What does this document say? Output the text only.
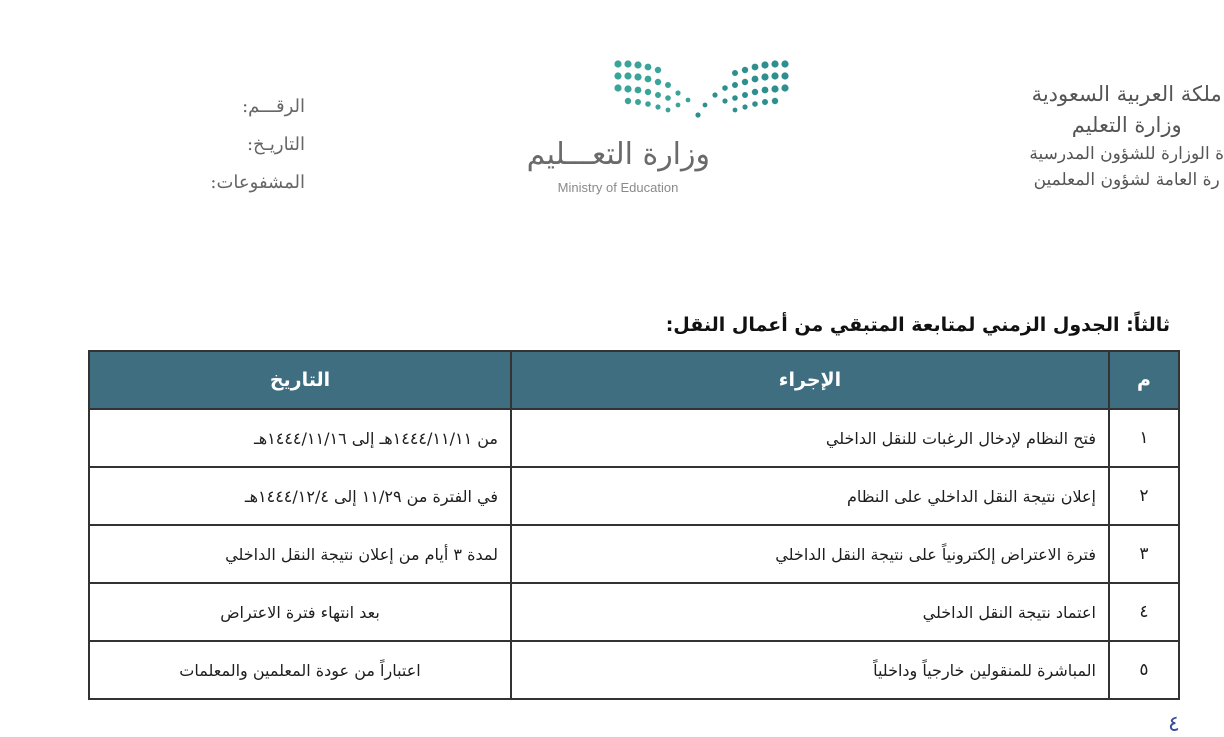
ملكة العربية السعودية
وزارة التعليم
ة الوزارة للشؤون المدرسية
رة العامة لشؤون المعلمين
وزارة التعـــليم
Ministry of Education
الرقـــم:
التاريـخ:
المشفوعات:
ثالثاً: الجدول الزمني لمتابعة المتبقي من أعمال النقل:
م	الإجراء	التاريخ
١	فتح النظام لإدخال الرغبات للنقل الداخلي	من ١٤٤٤/١١/١١هـ إلى ١٤٤٤/١١/١٦هـ
٢	إعلان نتيجة النقل الداخلي على النظام	في الفترة من ١١/٢٩ إلى ١٤٤٤/١٢/٤هـ
٣	فترة الاعتراض إلكترونياً على نتيجة النقل الداخلي	لمدة ٣ أيام من إعلان نتيجة النقل الداخلي
٤	اعتماد نتيجة النقل الداخلي	بعد انتهاء فترة الاعتراض
٥	المباشرة للمنقولين خارجياً وداخلياً	اعتباراً من عودة المعلمين والمعلمات
٤
